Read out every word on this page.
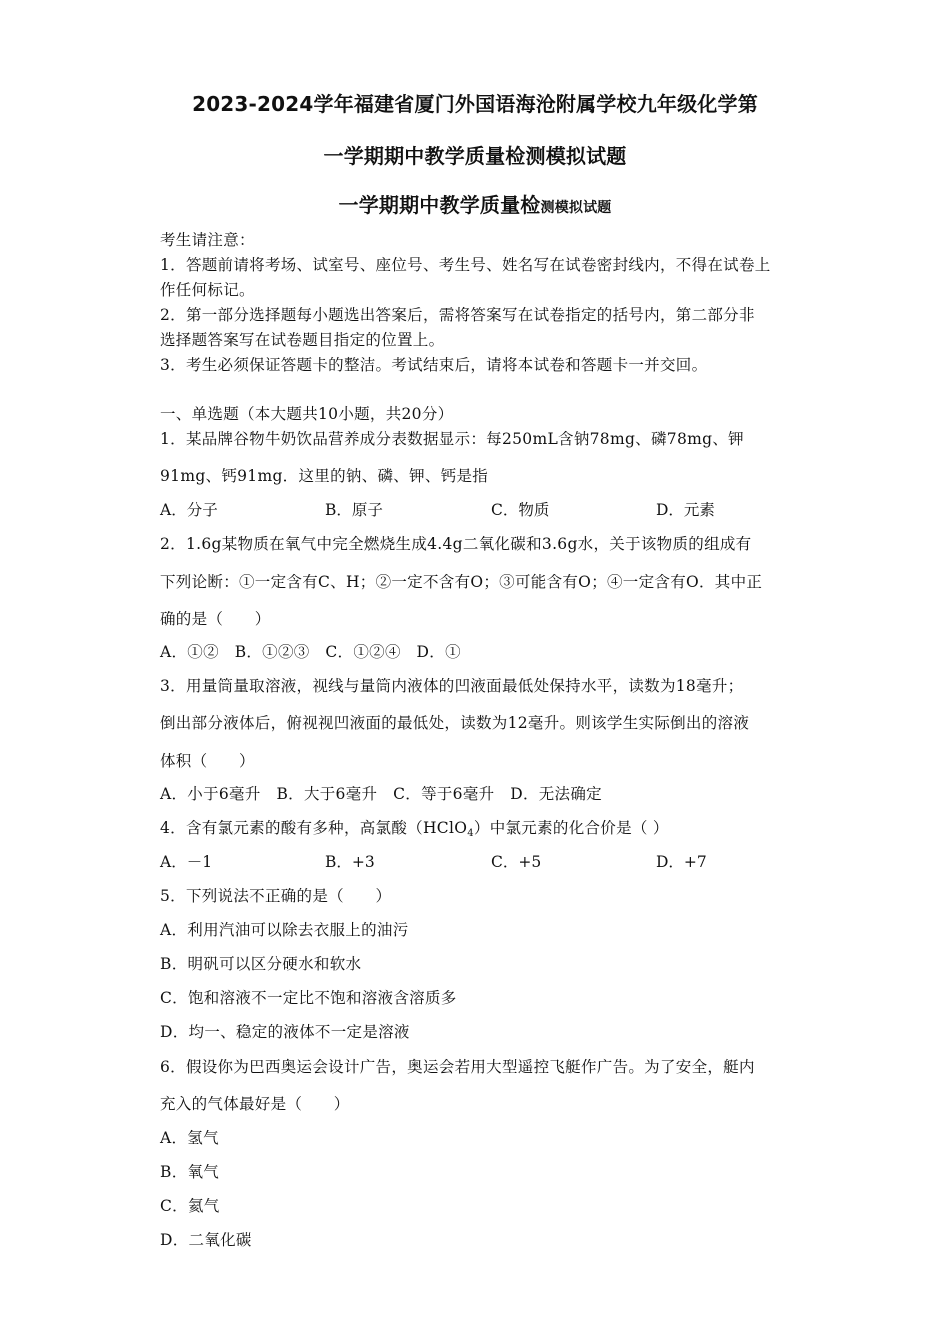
2023-2024学年福建省厦门外国语海沧附属学校九年级化学第
一学期期中教学质量检测模拟试题
一学期期中教学质量检测模拟试题
考生请注意：
1．答题前请将考场、试室号、座位号、考生号、姓名写在试卷密封线内，不得在试卷上
作任何标记。
2．第一部分选择题每小题选出答案后，需将答案写在试卷指定的括号内，第二部分非
选择题答案写在试卷题目指定的位置上。
3．考生必须保证答题卡的整洁。考试结束后，请将本试卷和答题卡一并交回。
一、单选题（本大题共10小题，共20分）
1．某品牌谷物牛奶饮品营养成分表数据显示：每250mL含钠78mg、磷78mg、钾
91mg、钙91mg．这里的钠、磷、钾、钙是指
A．分子	B．原子	C．物质	D．元素
2．1.6g某物质在氧气中完全燃烧生成4.4g二氧化碳和3.6g水，关于该物质的组成有
下列论断：①一定含有C、H；②一定不含有O；③可能含有O；④一定含有O．其中正
确的是（　　）
A．①②　B．①②③　C．①②④　D．①
3．用量筒量取溶液，视线与量筒内液体的凹液面最低处保持水平，读数为18毫升；
倒出部分液体后，俯视视凹液面的最低处，读数为12毫升。则该学生实际倒出的溶液
体积（　　）
A．小于6毫升　B．大于6毫升　C．等于6毫升　D．无法确定
4．含有氯元素的酸有多种，高氯酸（HClO$_4$）中氯元素的化合价是（ ）
A．－1	B．+3	C．+5	D．+7
5．下列说法不正确的是（　　）
A．利用汽油可以除去衣服上的油污
B．明矾可以区分硬水和软水
C．饱和溶液不一定比不饱和溶液含溶质多
D．均一、稳定的液体不一定是溶液
6．假设你为巴西奥运会设计广告，奥运会若用大型遥控飞艇作广告。为了安全，艇内
充入的气体最好是（　　）
A．氢气
B．氧气
C．氦气
D．二氧化碳
